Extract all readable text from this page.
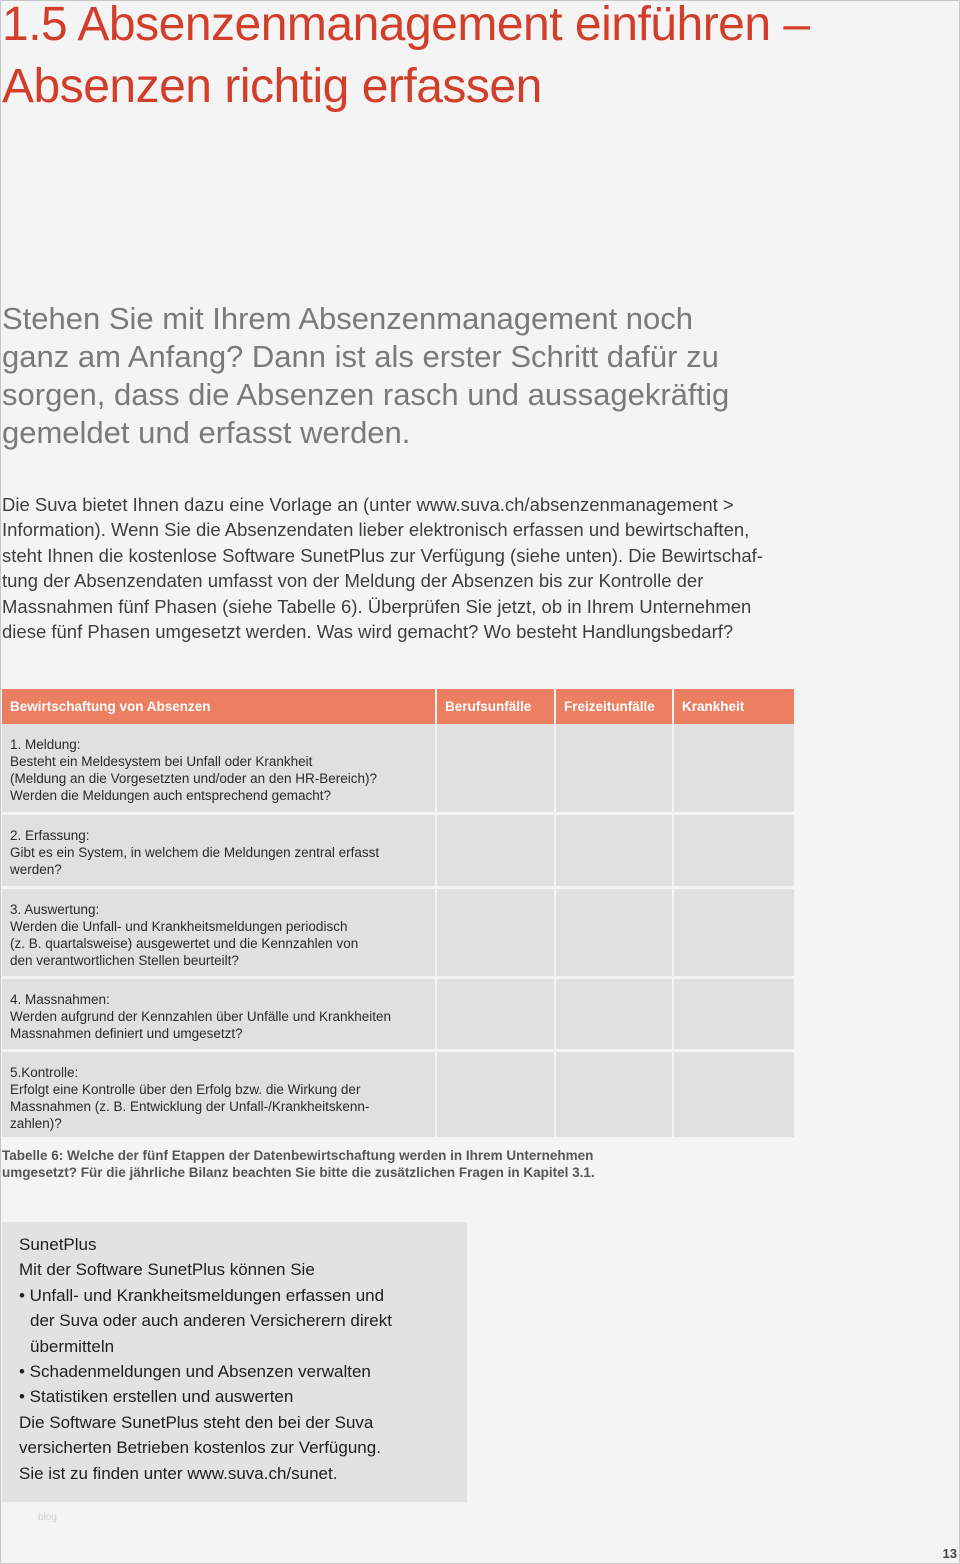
1.5 Absenzenmanagement einführen –
Absenzen richtig erfassen

Stehen Sie mit Ihrem Absenzenmanagement noch
ganz am Anfang? Dann ist als erster Schritt dafür zu
sorgen, dass die Absenzen rasch und aussagekräftig
gemeldet und erfasst werden.

Die Suva bietet Ihnen dazu eine Vorlage an (unter www.suva.ch/absenzenmanagement >
Information). Wenn Sie die Absenzendaten lieber elektronisch erfassen und bewirtschaften,
steht Ihnen die kostenlose Software SunetPlus zur Verfügung (siehe unten). Die Bewirtschaf-
tung der Absenzendaten umfasst von der Meldung der Absenzen bis zur Kontrolle der
Massnahmen fünf Phasen (siehe Tabelle 6). Überprüfen Sie jetzt, ob in Ihrem Unternehmen
diese fünf Phasen umgesetzt werden. Was wird gemacht? Wo besteht Handlungsbedarf?

Bewirtschaftung von Absenzen	Berufsunfälle	Freizeitunfälle	Krankheit

1. Meldung:
Besteht ein Meldesystem bei Unfall oder Krankheit
(Meldung an die Vorgesetzten und/oder an den HR-Bereich)?
Werden die Meldungen auch entsprechend gemacht?			

2. Erfassung:
Gibt es ein System, in welchem die Meldungen zentral erfasst
werden?			

3. Auswertung:
Werden die Unfall- und Krankheitsmeldungen periodisch
(z. B. quartalsweise) ausgewertet und die Kennzahlen von
den verantwortlichen Stellen beurteilt?			

4. Massnahmen:
Werden aufgrund der Kennzahlen über Unfälle und Krankheiten
Massnahmen definiert und umgesetzt?			

5.Kontrolle:
Erfolgt eine Kontrolle über den Erfolg bzw. die Wirkung der
Massnahmen (z. B. Entwicklung der Unfall-/Krankheitskenn-
zahlen)?			

Tabelle 6: Welche der fünf Etappen der Datenbewirtschaftung werden in Ihrem Unternehmen
umgesetzt? Für die jährliche Bilanz beachten Sie bitte die zusätzlichen Fragen in Kapitel 3.1.

SunetPlus
Mit der Software SunetPlus können Sie
• Unfall- und Krankheitsmeldungen erfassen und
der Suva oder auch anderen Versicherern direkt
übermitteln
• Schadenmeldungen und Absenzen verwalten
• Statistiken erstellen und auswerten
Die Software SunetPlus steht den bei der Suva
versicherten Betrieben kostenlos zur Verfügung.
Sie ist zu finden unter www.suva.ch/sunet.
blog
13
